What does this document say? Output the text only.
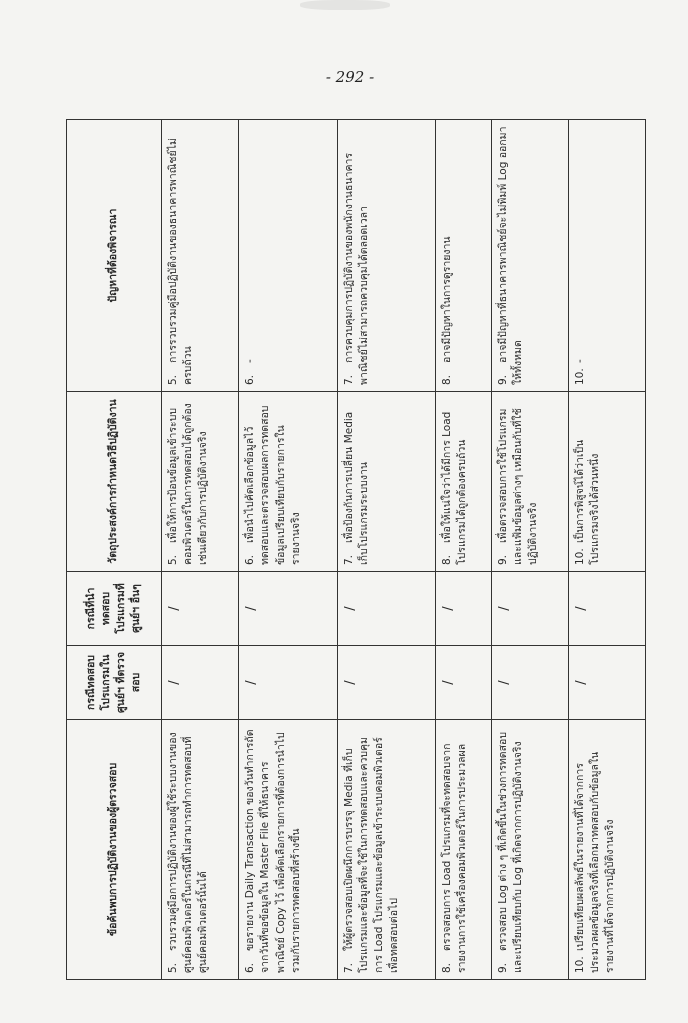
- 292 -
ข้อค้นพบการปฏิบัติงานของผู้ตรวจสอบ	กรณีทดสอบโปรแกรมในศูนย์ฯ ที่ตรวจสอบ	กรณีที่นำทดสอบโปรแกรมที่ศูนย์ฯ อื่นๆ	วัตถุประสงค์การกำหนดวิธีปฏิบัติงาน	ปัญหาที่ต้องพิจารณา
5.รวบรวมคู่มือการปฏิบัติงานของผู้ใช้ระบบงานของศูนย์คอมพิวเตอร์ในกรณีที่ไม่สามารถทำการทดสอบที่ศูนย์คอมพิวเตอร์นั้นได้	/	/	5.เพื่อให้การป้อนข้อมูลเข้าระบบคอมพิวเตอร์ในการทดสอบได้ถูกต้องเช่นเดียวกับการปฏิบัติงานจริง	5.การรวบรวมคู่มือปฏิบัติงานของธนาคารพาณิชย์ไม่ครบถ้วน
6.ขอรายงาน Daily Transaction ของวันทำการถัดจากวันที่ขอข้อมูลใน Master File ที่ให้ธนาคารพาณิชย์ Copy ไว้ เพื่อคัดเลือกรายการที่ต้องการนำไปรวมกับรายการทดสอบที่สร้างขึ้น	/	/	6.เพื่อนำไปคัดเลือกข้อมูลไว้ทดสอบและตรวจสอบผลการทดสอบข้อมูลเปรียบเทียบกับรายการในรายงานจริง	6.-
7.ให้ผู้ตรวจสอบเปิดผนึกการบรรจุ Media ที่เก็บโปรแกรมและข้อมูลที่จะใช้ในการทดสอบและควบคุมการ Load โปรแกรมและข้อมูลเข้าระบบคอมพิวเตอร์เพื่อทดสอบต่อไป	/	/	7.เพื่อป้องกันการเปลี่ยน Media เก็บโปรแกรมระบบงาน	7.การควบคุมการปฏิบัติงานของพนักงานธนาคารพาณิชย์ไม่สามารถควบคุมได้ตลอดเวลา
8.ตรวจสอบการ Load โปรแกรมที่จะทดสอบจากรายงานการใช้เครื่องคอมพิวเตอร์ในการประมวลผล	/	/	8.เพื่อให้แน่ใจว่าได้มีการ Load โปรแกรมได้ถูกต้องครบถ้วน	8.อาจมีปัญหาในการดูรายงาน
9.ตรวจสอบ Log ต่าง ๆ ที่เกิดขึ้นในช่วงการทดสอบและเปรียบเทียบกับ Log ที่เกิดจากการปฏิบัติงานจริง	/	/	9.เพื่อตรวจสอบการใช้โปรแกรมและแฟ้มข้อมูลต่างๆ เหมือนกับที่ใช้ปฏิบัติงานจริง	9.อาจมีปัญหาที่ธนาคารพาณิชย์จะไม่พิมพ์ Log ออกมาให้ทั้งหมด
10.เปรียบเทียบผลลัพธ์ในรายงานที่ได้จากการประมวลผลข้อมูลจริงที่เลือกมาทดสอบกับข้อมูลในรายงานที่ได้จากการปฏิบัติงานจริง	/	/	10.เป็นการพิสูจน์ได้ว่าเป็นโปรแกรมจริงได้ส่วนหนึ่ง	10.-
